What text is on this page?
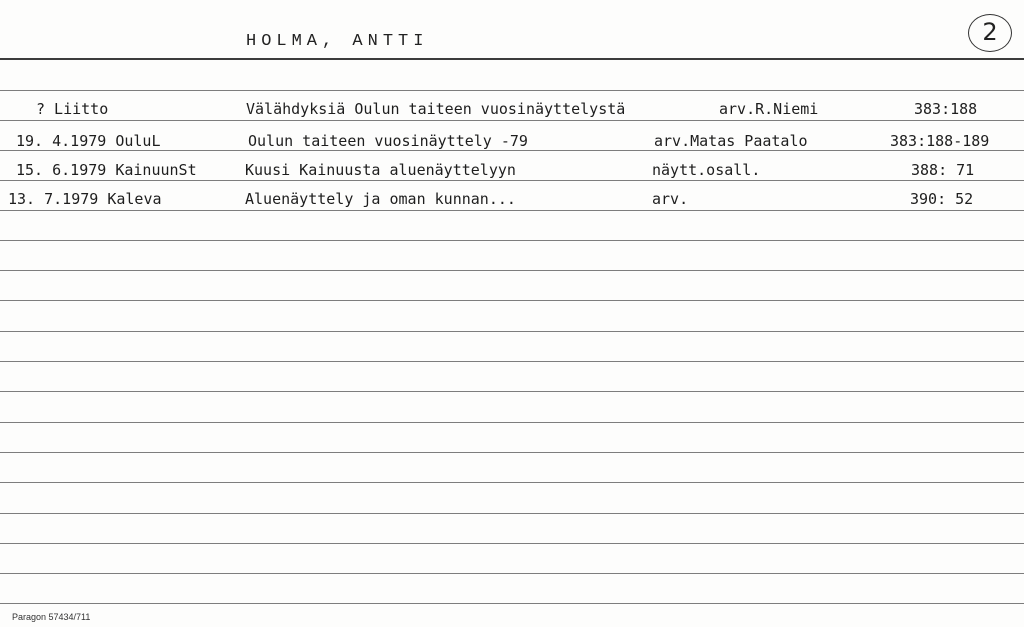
HOLMA, ANTTI	2
? Liitto	Välähdyksiä Oulun taiteen vuosinäyttelystä	arv.R.Niemi	383:188
19. 4.1979 OuluL	Oulun taiteen vuosinäyttely -79	arv.Matas Paatalo	383:188-189
15. 6.1979 KainuunSt	Kuusi Kainuusta aluenäyttelyyn	näytt.osall.	388: 71
13. 7.1979 Kaleva	Aluenäyttely ja oman kunnan...	arv.	390: 52
Paragon 57434/711
